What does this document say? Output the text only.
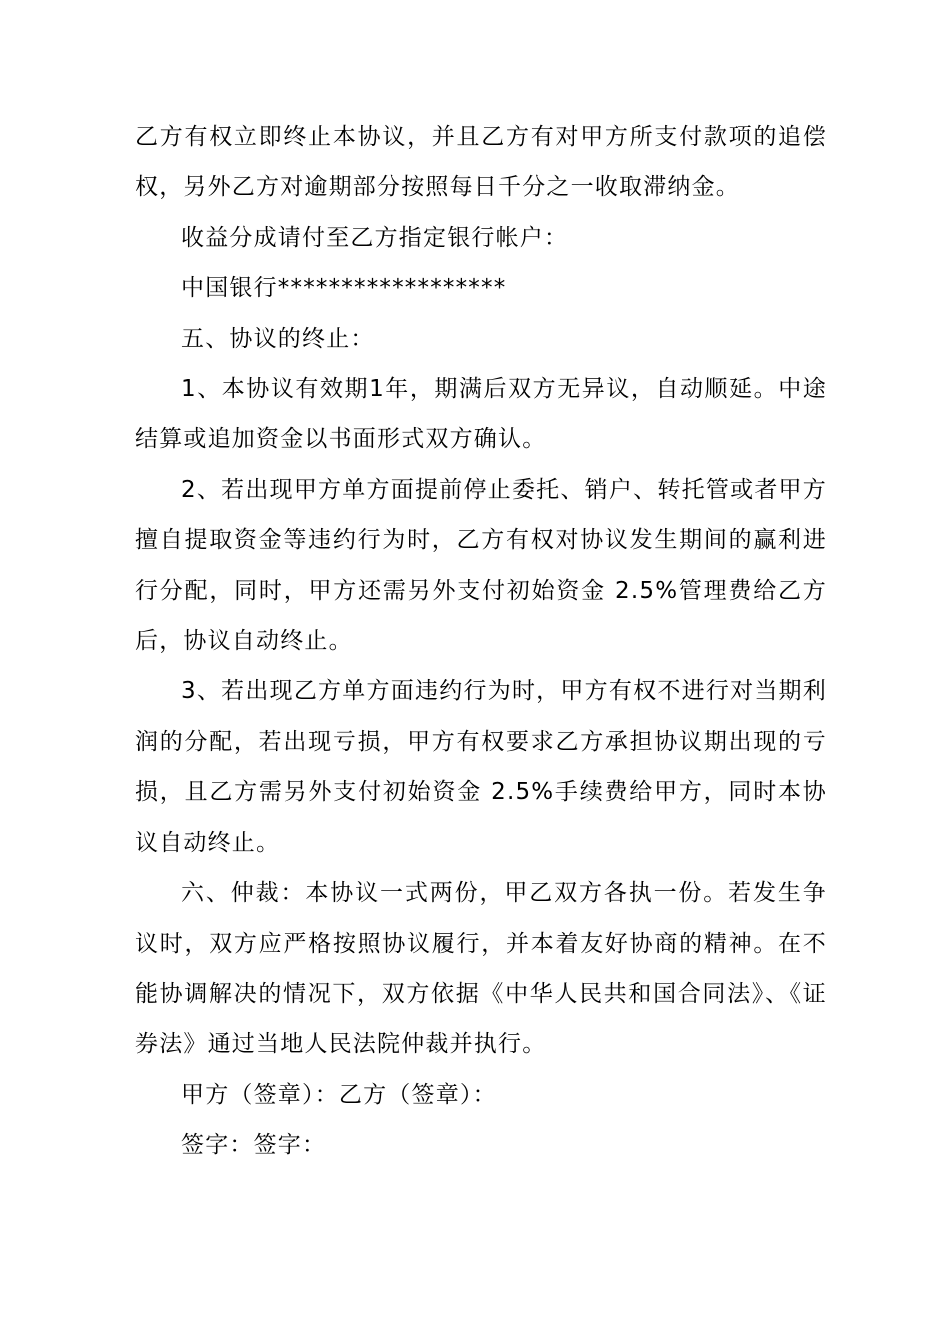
乙方有权立即终止本协议，并且乙方有对甲方所支付款项的追偿权，另外乙方对逾期部分按照每日千分之一收取滞纳金。

收益分成请付至乙方指定银行帐户：

中国银行******************

五、协议的终止：

1、本协议有效期1年，期满后双方无异议，自动顺延。中途结算或追加资金以书面形式双方确认。

2、若出现甲方单方面提前停止委托、销户、转托管或者甲方擅自提取资金等违约行为时，乙方有权对协议发生期间的赢利进行分配，同时，甲方还需另外支付初始资金 2.5%管理费给乙方后，协议自动终止。

3、若出现乙方单方面违约行为时，甲方有权不进行对当期利润的分配，若出现亏损，甲方有权要求乙方承担协议期出现的亏损，且乙方需另外支付初始资金 2.5%手续费给甲方，同时本协议自动终止。

六、仲裁：本协议一式两份，甲乙双方各执一份。若发生争议时，双方应严格按照协议履行，并本着友好协商的精神。在不能协调解决的情况下，双方依据《中华人民共和国合同法》、《证券法》通过当地人民法院仲裁并执行。

甲方（签章）：乙方（签章）：

签字：签字：
